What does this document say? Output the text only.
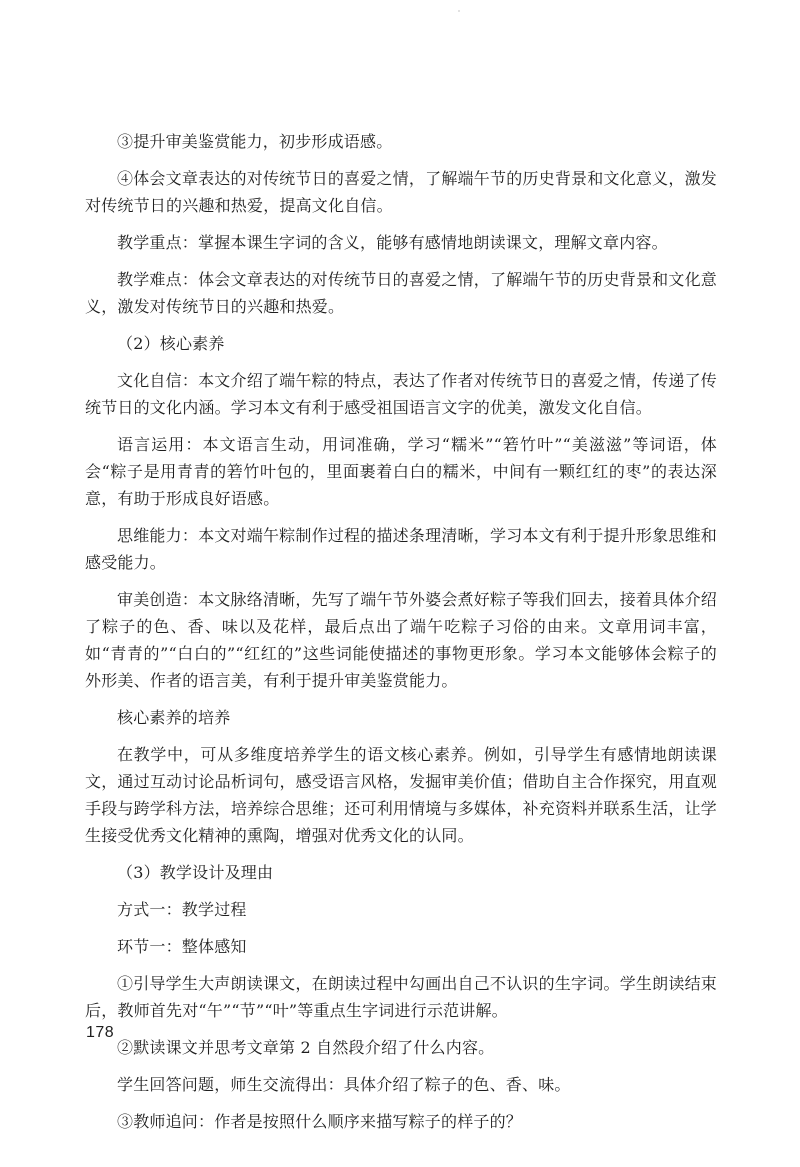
③提升审美鉴赏能力，初步形成语感。

④体会文章表达的对传统节日的喜爱之情，了解端午节的历史背景和文化意义，激发对传统节日的兴趣和热爱，提高文化自信。

教学重点：掌握本课生字词的含义，能够有感情地朗读课文，理解文章内容。

教学难点：体会文章表达的对传统节日的喜爱之情，了解端午节的历史背景和文化意义，激发对传统节日的兴趣和热爱。

（2）核心素养

文化自信：本文介绍了端午粽的特点，表达了作者对传统节日的喜爱之情，传递了传统节日的文化内涵。学习本文有利于感受祖国语言文字的优美，激发文化自信。

语言运用：本文语言生动，用词准确，学习“糯米”“箬竹叶”“美滋滋”等词语，体会“粽子是用青青的箬竹叶包的，里面裹着白白的糯米，中间有一颗红红的枣”的表达深意，有助于形成良好语感。

思维能力：本文对端午粽制作过程的描述条理清晰，学习本文有利于提升形象思维和感受能力。

审美创造：本文脉络清晰，先写了端午节外婆会煮好粽子等我们回去，接着具体介绍了粽子的色、香、味以及花样，最后点出了端午吃粽子习俗的由来。文章用词丰富，如“青青的”“白白的”“红红的”这些词能使描述的事物更形象。学习本文能够体会粽子的外形美、作者的语言美，有利于提升审美鉴赏能力。

核心素养的培养

在教学中，可从多维度培养学生的语文核心素养。例如，引导学生有感情地朗读课文，通过互动讨论品析词句，感受语言风格，发掘审美价值；借助自主合作探究，用直观手段与跨学科方法，培养综合思维；还可利用情境与多媒体，补充资料并联系生活，让学生接受优秀文化精神的熏陶，增强对优秀文化的认同。

（3）教学设计及理由

方式一：教学过程

环节一：整体感知

①引导学生大声朗读课文，在朗读过程中勾画出自己不认识的生字词。学生朗读结束后，教师首先对“午”“节”“叶”等重点生字词进行示范讲解。

②默读课文并思考文章第 2 自然段介绍了什么内容。

学生回答问题，师生交流得出：具体介绍了粽子的色、香、味。

③教师追问：作者是按照什么顺序来描写粽子的样子的？

178
